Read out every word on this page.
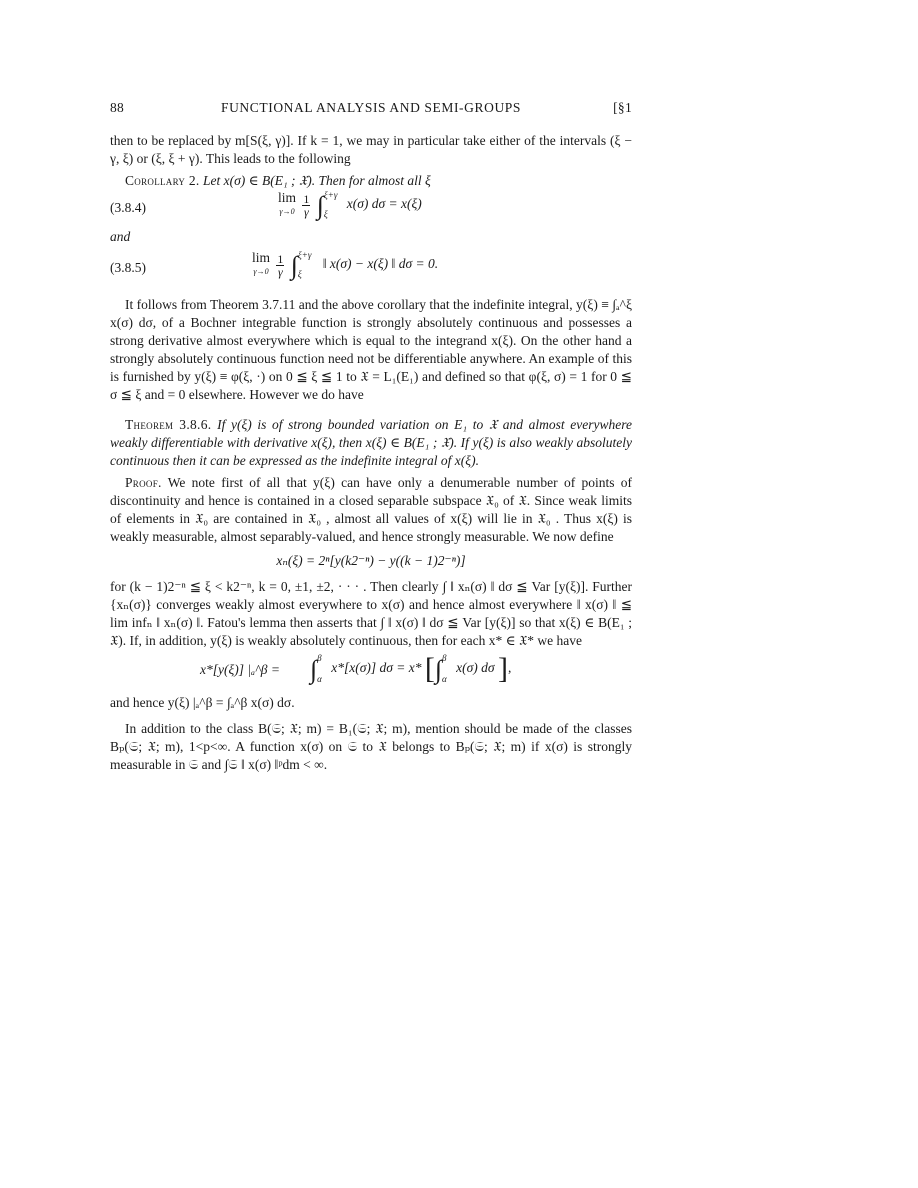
88	FUNCTIONAL ANALYSIS AND SEMI-GROUPS	[§1

then to be replaced by m[S(ξ, γ)]. If k = 1, we may in particular take either of the intervals (ξ − γ, ξ) or (ξ, ξ + γ). This leads to the following

Corollary 2. Let x(σ) ∈ B(E₁ ; 𝔛). Then for almost all ξ

(3.8.4)
lim
$\gamma\to 0 \frac{1}{\gamma}$ ∫ ξ+γ
ξ
x(σ) dσ = x(ξ)

and

(3.8.5)
lim
$\gamma\to 0 \frac{1}{\gamma}$ ∫ ξ+γ
ξ
‖ x(σ) − x(ξ) ‖ dσ = 0.

It follows from Theorem 3.7.11 and the above corollary that the indefinite integral, y(ξ) ≡ ∫ₐ^ξ x(σ) dσ, of a Bochner integrable function is strongly absolutely continuous and possesses a strong derivative almost everywhere which is equal to the integrand x(ξ). On the other hand a strongly absolutely continuous function need not be differentiable anywhere. An example of this is furnished by y(ξ) ≡ φ(ξ, ·) on 0 ≦ ξ ≦ 1 to 𝔛 = L₁(E₁) and defined so that φ(ξ, σ) = 1 for 0 ≦ σ ≦ ξ and = 0 elsewhere. However we do have

Theorem 3.8.6. If y(ξ) is of strong bounded variation on E₁ to 𝔛 and almost everywhere weakly differentiable with derivative x(ξ), then x(ξ) ∈ B(E₁ ; 𝔛). If y(ξ) is also weakly absolutely continuous then it can be expressed as the indefinite integral of x(ξ).

Proof. We note first of all that y(ξ) can have only a denumerable number of points of discontinuity and hence is contained in a closed separable subspace 𝔛₀ of 𝔛. Since weak limits of elements in 𝔛₀ are contained in 𝔛₀ , almost all values of x(ξ) will lie in 𝔛₀ . Thus x(ξ) is weakly measurable, almost separably-valued, and hence strongly measurable. We now define

xₙ(ξ) = 2ⁿ[y(k2⁻ⁿ) − y((k − 1)2⁻ⁿ)]

for (k − 1)2⁻ⁿ ≦ ξ < k2⁻ⁿ, k = 0, ±1, ±2, · · · . Then clearly ∫ ‖ xₙ(σ) ‖ dσ ≦ Var [y(ξ)]. Further {xₙ(σ)} converges weakly almost everywhere to x(σ) and hence almost everywhere ‖ x(σ) ‖ ≦ lim infₙ ‖ xₙ(σ) ‖. Fatou's lemma then asserts that ∫ ‖ x(σ) ‖ dσ ≦ Var [y(ξ)] so that x(ξ) ∈ B(E₁ ; 𝔛). If, in addition, y(ξ) is weakly absolutely continuous, then for each x* ∈ 𝔛* we have

x*[y(ξ)] |ₐ^β = ∫ β
α
x*[x(σ)] dσ = x* [∫ β
α
x(σ) dσ ],

and hence y(ξ) |ₐ^β = ∫ₐ^β x(σ) dσ.

In addition to the class B(𝔖; 𝔛; m) = B₁(𝔖; 𝔛; m), mention should be made of the classes Bₚ(𝔖; 𝔛; m), 1<p<∞. A function x(σ) on 𝔖 to 𝔛 belongs to Bₚ(𝔖; 𝔛; m) if x(σ) is strongly measurable in 𝔖 and ∫𝔖 ‖ x(σ) ‖ᵖdm < ∞.
